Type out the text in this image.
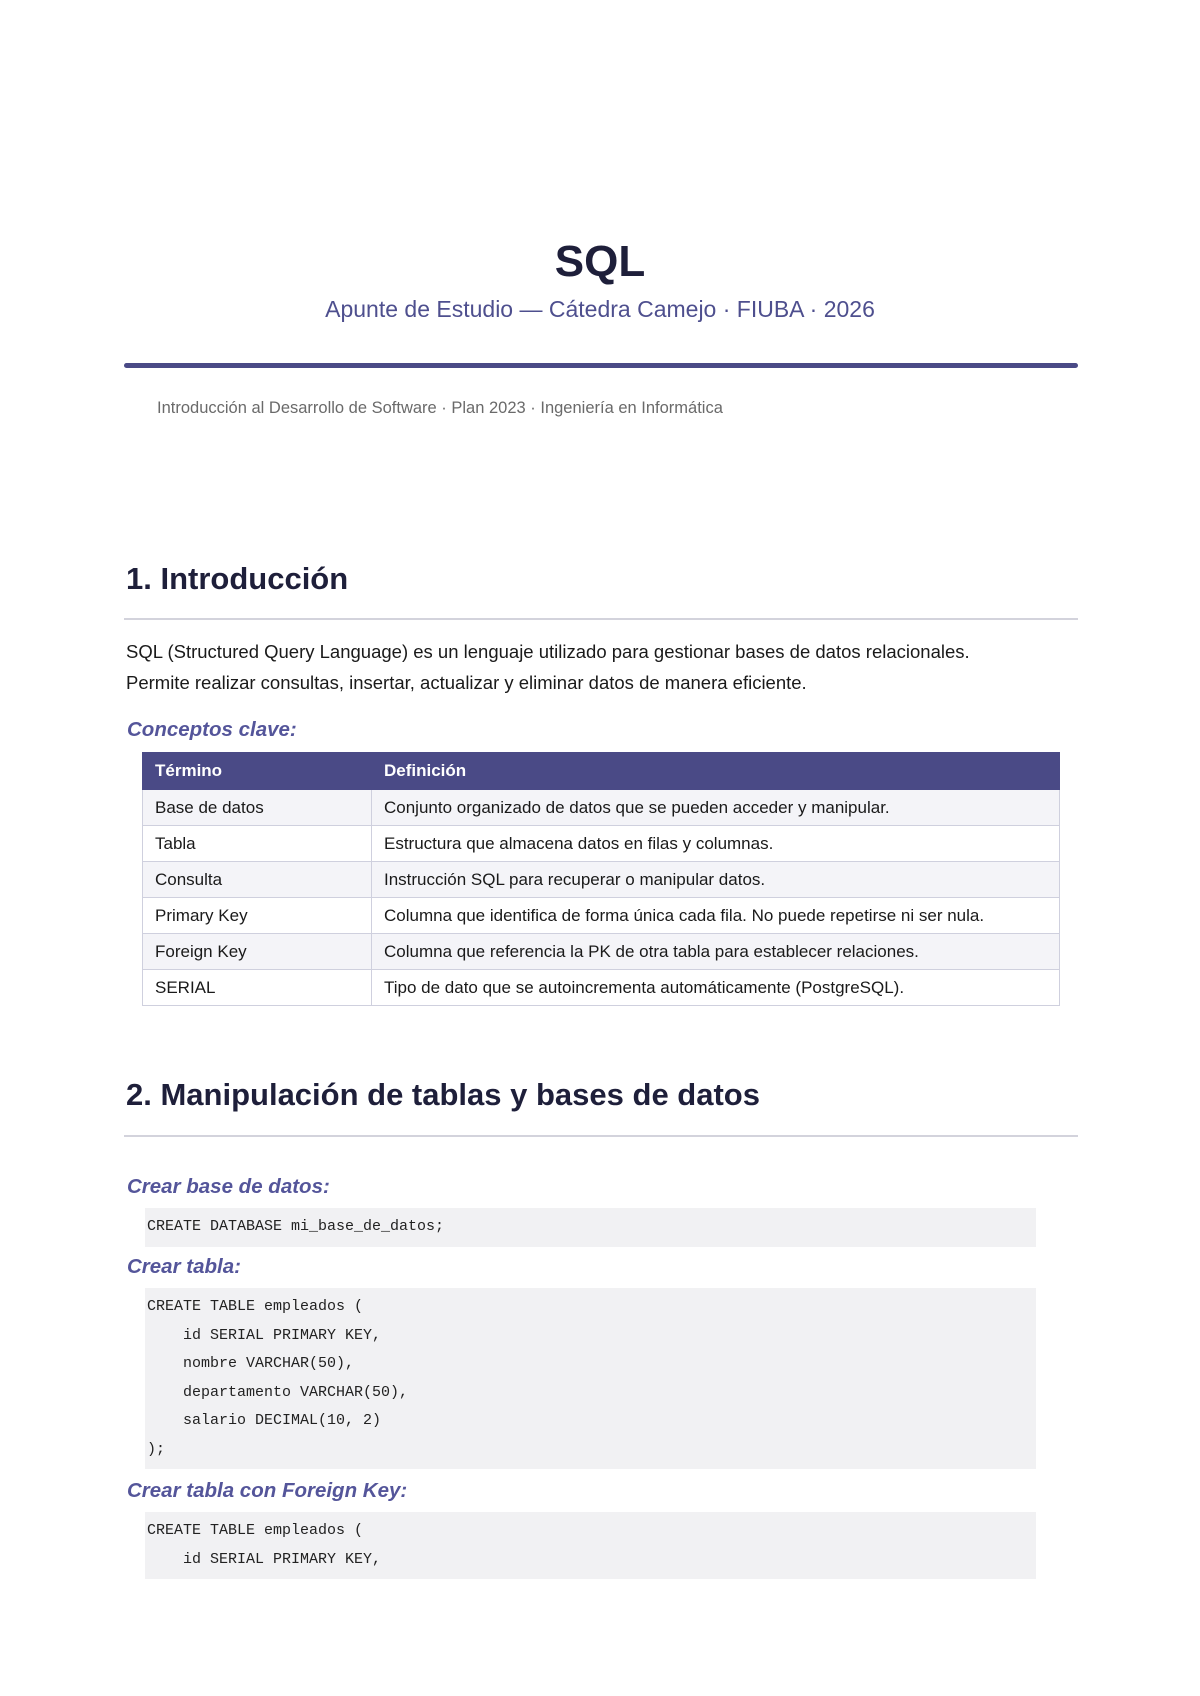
SQL
Apunte de Estudio — Cátedra Camejo · FIUBA · 2026
Introducción al Desarrollo de Software · Plan 2023 · Ingeniería en Informática
1. Introducción
SQL (Structured Query Language) es un lenguaje utilizado para gestionar bases de datos relacionales.
Permite realizar consultas, insertar, actualizar y eliminar datos de manera eficiente.
Conceptos clave:
Término	Definición
Base de datos	Conjunto organizado de datos que se pueden acceder y manipular.
Tabla	Estructura que almacena datos en filas y columnas.
Consulta	Instrucción SQL para recuperar o manipular datos.
Primary Key	Columna que identifica de forma única cada fila. No puede repetirse ni ser nula.
Foreign Key	Columna que referencia la PK de otra tabla para establecer relaciones.
SERIAL	Tipo de dato que se autoincrementa automáticamente (PostgreSQL).
2. Manipulación de tablas y bases de datos
Crear base de datos:
CREATE DATABASE mi_base_de_datos;
Crear tabla:
CREATE TABLE empleados (
id SERIAL PRIMARY KEY,
nombre VARCHAR(50),
departamento VARCHAR(50),
salario DECIMAL(10, 2)
);
Crear tabla con Foreign Key:
CREATE TABLE empleados (
id SERIAL PRIMARY KEY,
